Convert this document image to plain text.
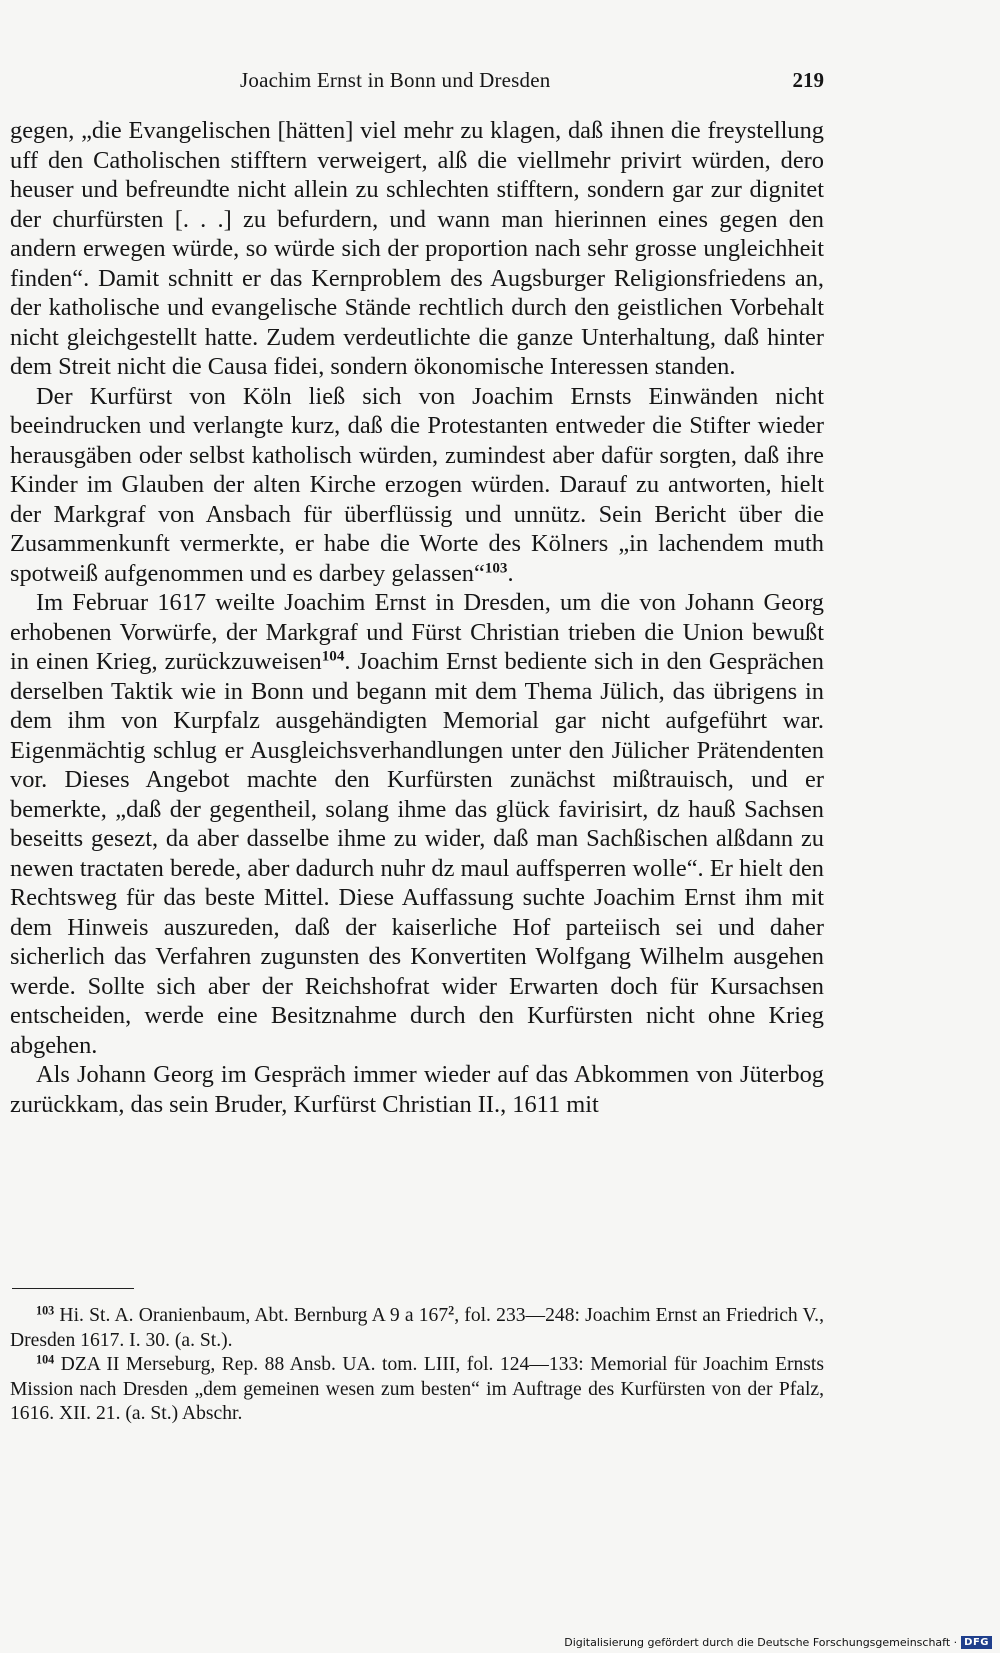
Joachim Ernst in Bonn und Dresden	219

gegen, „die Evangelischen [hätten] viel mehr zu klagen, daß ihnen die freystellung uff den Catholischen stifftern verweigert, alß die viellmehr privirt würden, dero heuser und befreundte nicht allein zu schlechten stifftern, sondern gar zur dignitet der churfürsten [. . .] zu befurdern, und wann man hierinnen eines gegen den andern erwegen würde, so würde sich der proportion nach sehr grosse ungleichheit finden“. Damit schnitt er das Kernproblem des Augsburger Religionsfriedens an, der katholische und evangelische Stände rechtlich durch den geistlichen Vorbehalt nicht gleichgestellt hatte. Zudem verdeutlichte die ganze Unterhaltung, daß hinter dem Streit nicht die Causa fidei, sondern ökonomische Interessen standen.

Der Kurfürst von Köln ließ sich von Joachim Ernsts Einwänden nicht beeindrucken und verlangte kurz, daß die Protestanten entweder die Stifter wieder herausgäben oder selbst katholisch würden, zumindest aber dafür sorgten, daß ihre Kinder im Glauben der alten Kirche erzogen würden. Darauf zu antworten, hielt der Markgraf von Ansbach für überflüssig und unnütz. Sein Bericht über die Zusammenkunft vermerkte, er habe die Worte des Kölners „in lachendem muth spotweiß aufgenommen und es darbey gelassen“$^{103}$.

Im Februar 1617 weilte Joachim Ernst in Dresden, um die von Johann Georg erhobenen Vorwürfe, der Markgraf und Fürst Christian trieben die Union bewußt in einen Krieg, zurückzuweisen$^{104}$. Joachim Ernst bediente sich in den Gesprächen derselben Taktik wie in Bonn und begann mit dem Thema Jülich, das übrigens in dem ihm von Kurpfalz ausgehändigten Memorial gar nicht aufgeführt war. Eigenmächtig schlug er Ausgleichsverhandlungen unter den Jülicher Prätendenten vor. Dieses Angebot machte den Kurfürsten zunächst mißtrauisch, und er bemerkte, „daß der gegentheil, solang ihme das glück favirisirt, dz hauß Sachsen beseitts gesezt, da aber dasselbe ihme zu wider, daß man Sachßischen alßdann zu newen tractaten berede, aber dadurch nuhr dz maul auffsperren wolle“. Er hielt den Rechtsweg für das beste Mittel. Diese Auffassung suchte Joachim Ernst ihm mit dem Hinweis auszureden, daß der kaiserliche Hof parteiisch sei und daher sicherlich das Verfahren zugunsten des Konvertiten Wolfgang Wilhelm ausgehen werde. Sollte sich aber der Reichshofrat wider Erwarten doch für Kursachsen entscheiden, werde eine Besitznahme durch den Kurfürsten nicht ohne Krieg abgehen.

Als Johann Georg im Gespräch immer wieder auf das Abkommen von Jüterbog zurückkam, das sein Bruder, Kurfürst Christian II., 1611 mit

$^{103}$ Hi. St. A. Oranienbaum, Abt. Bernburg A 9 a $167^2$, fol. 233—248: Joachim Ernst an Friedrich V., Dresden 1617. I. 30. (a. St.).

$^{104}$ DZA II Merseburg, Rep. 88 Ansb. UA. tom. LIII, fol. 124—133: Memorial für Joachim Ernsts Mission nach Dresden „dem gemeinen wesen zum besten“ im Auftrage des Kurfürsten von der Pfalz, 1616. XII. 21. (a. St.) Abschr.

Digitalisierung gefördert durch die Deutsche Forschungsgemeinschaft · DFG
